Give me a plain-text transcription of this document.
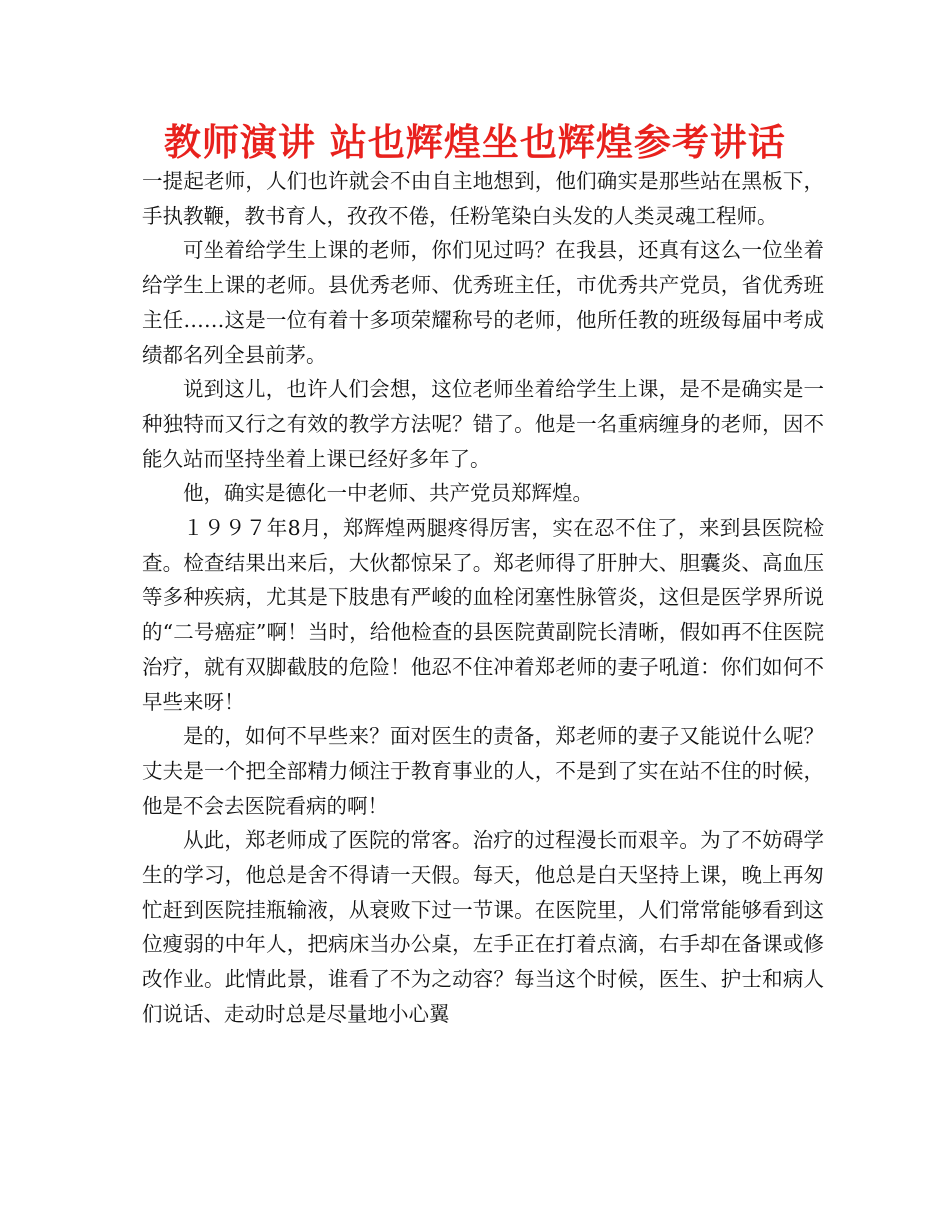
教师演讲 站也辉煌坐也辉煌参考讲话

一提起老师，人们也许就会不由自主地想到，他们确实是那些站在黑板下，手执教鞭，教书育人，孜孜不倦，任粉笔染白头发的人类灵魂工程师。

可坐着给学生上课的老师，你们见过吗？在我县，还真有这么一位坐着给学生上课的老师。县优秀老师、优秀班主任，市优秀共产党员，省优秀班主任……这是一位有着十多项荣耀称号的老师，他所任教的班级每届中考成绩都名列全县前茅。

说到这儿，也许人们会想，这位老师坐着给学生上课，是不是确实是一种独特而又行之有效的教学方法呢？错了。他是一名重病缠身的老师，因不能久站而坚持坐着上课已经好多年了。

他，确实是德化一中老师、共产党员郑辉煌。

１９９７年8月，郑辉煌两腿疼得厉害，实在忍不住了，来到县医院检查。检查结果出来后，大伙都惊呆了。郑老师得了肝肿大、胆囊炎、高血压等多种疾病，尤其是下肢患有严峻的血栓闭塞性脉管炎，这但是医学界所说的“二号癌症”啊！当时，给他检查的县医院黄副院长清晰，假如再不住医院治疗，就有双脚截肢的危险！他忍不住冲着郑老师的妻子吼道：你们如何不早些来呀！

是的，如何不早些来？面对医生的责备，郑老师的妻子又能说什么呢？丈夫是一个把全部精力倾注于教育事业的人，不是到了实在站不住的时候，他是不会去医院看病的啊！

从此，郑老师成了医院的常客。治疗的过程漫长而艰辛。为了不妨碍学生的学习，他总是舍不得请一天假。每天，他总是白天坚持上课，晚上再匆忙赶到医院挂瓶输液，从衰败下过一节课。在医院里，人们常常能够看到这位瘦弱的中年人，把病床当办公桌，左手正在打着点滴，右手却在备课或修改作业。此情此景，谁看了不为之动容？每当这个时候，医生、护士和病人们说话、走动时总是尽量地小心翼
